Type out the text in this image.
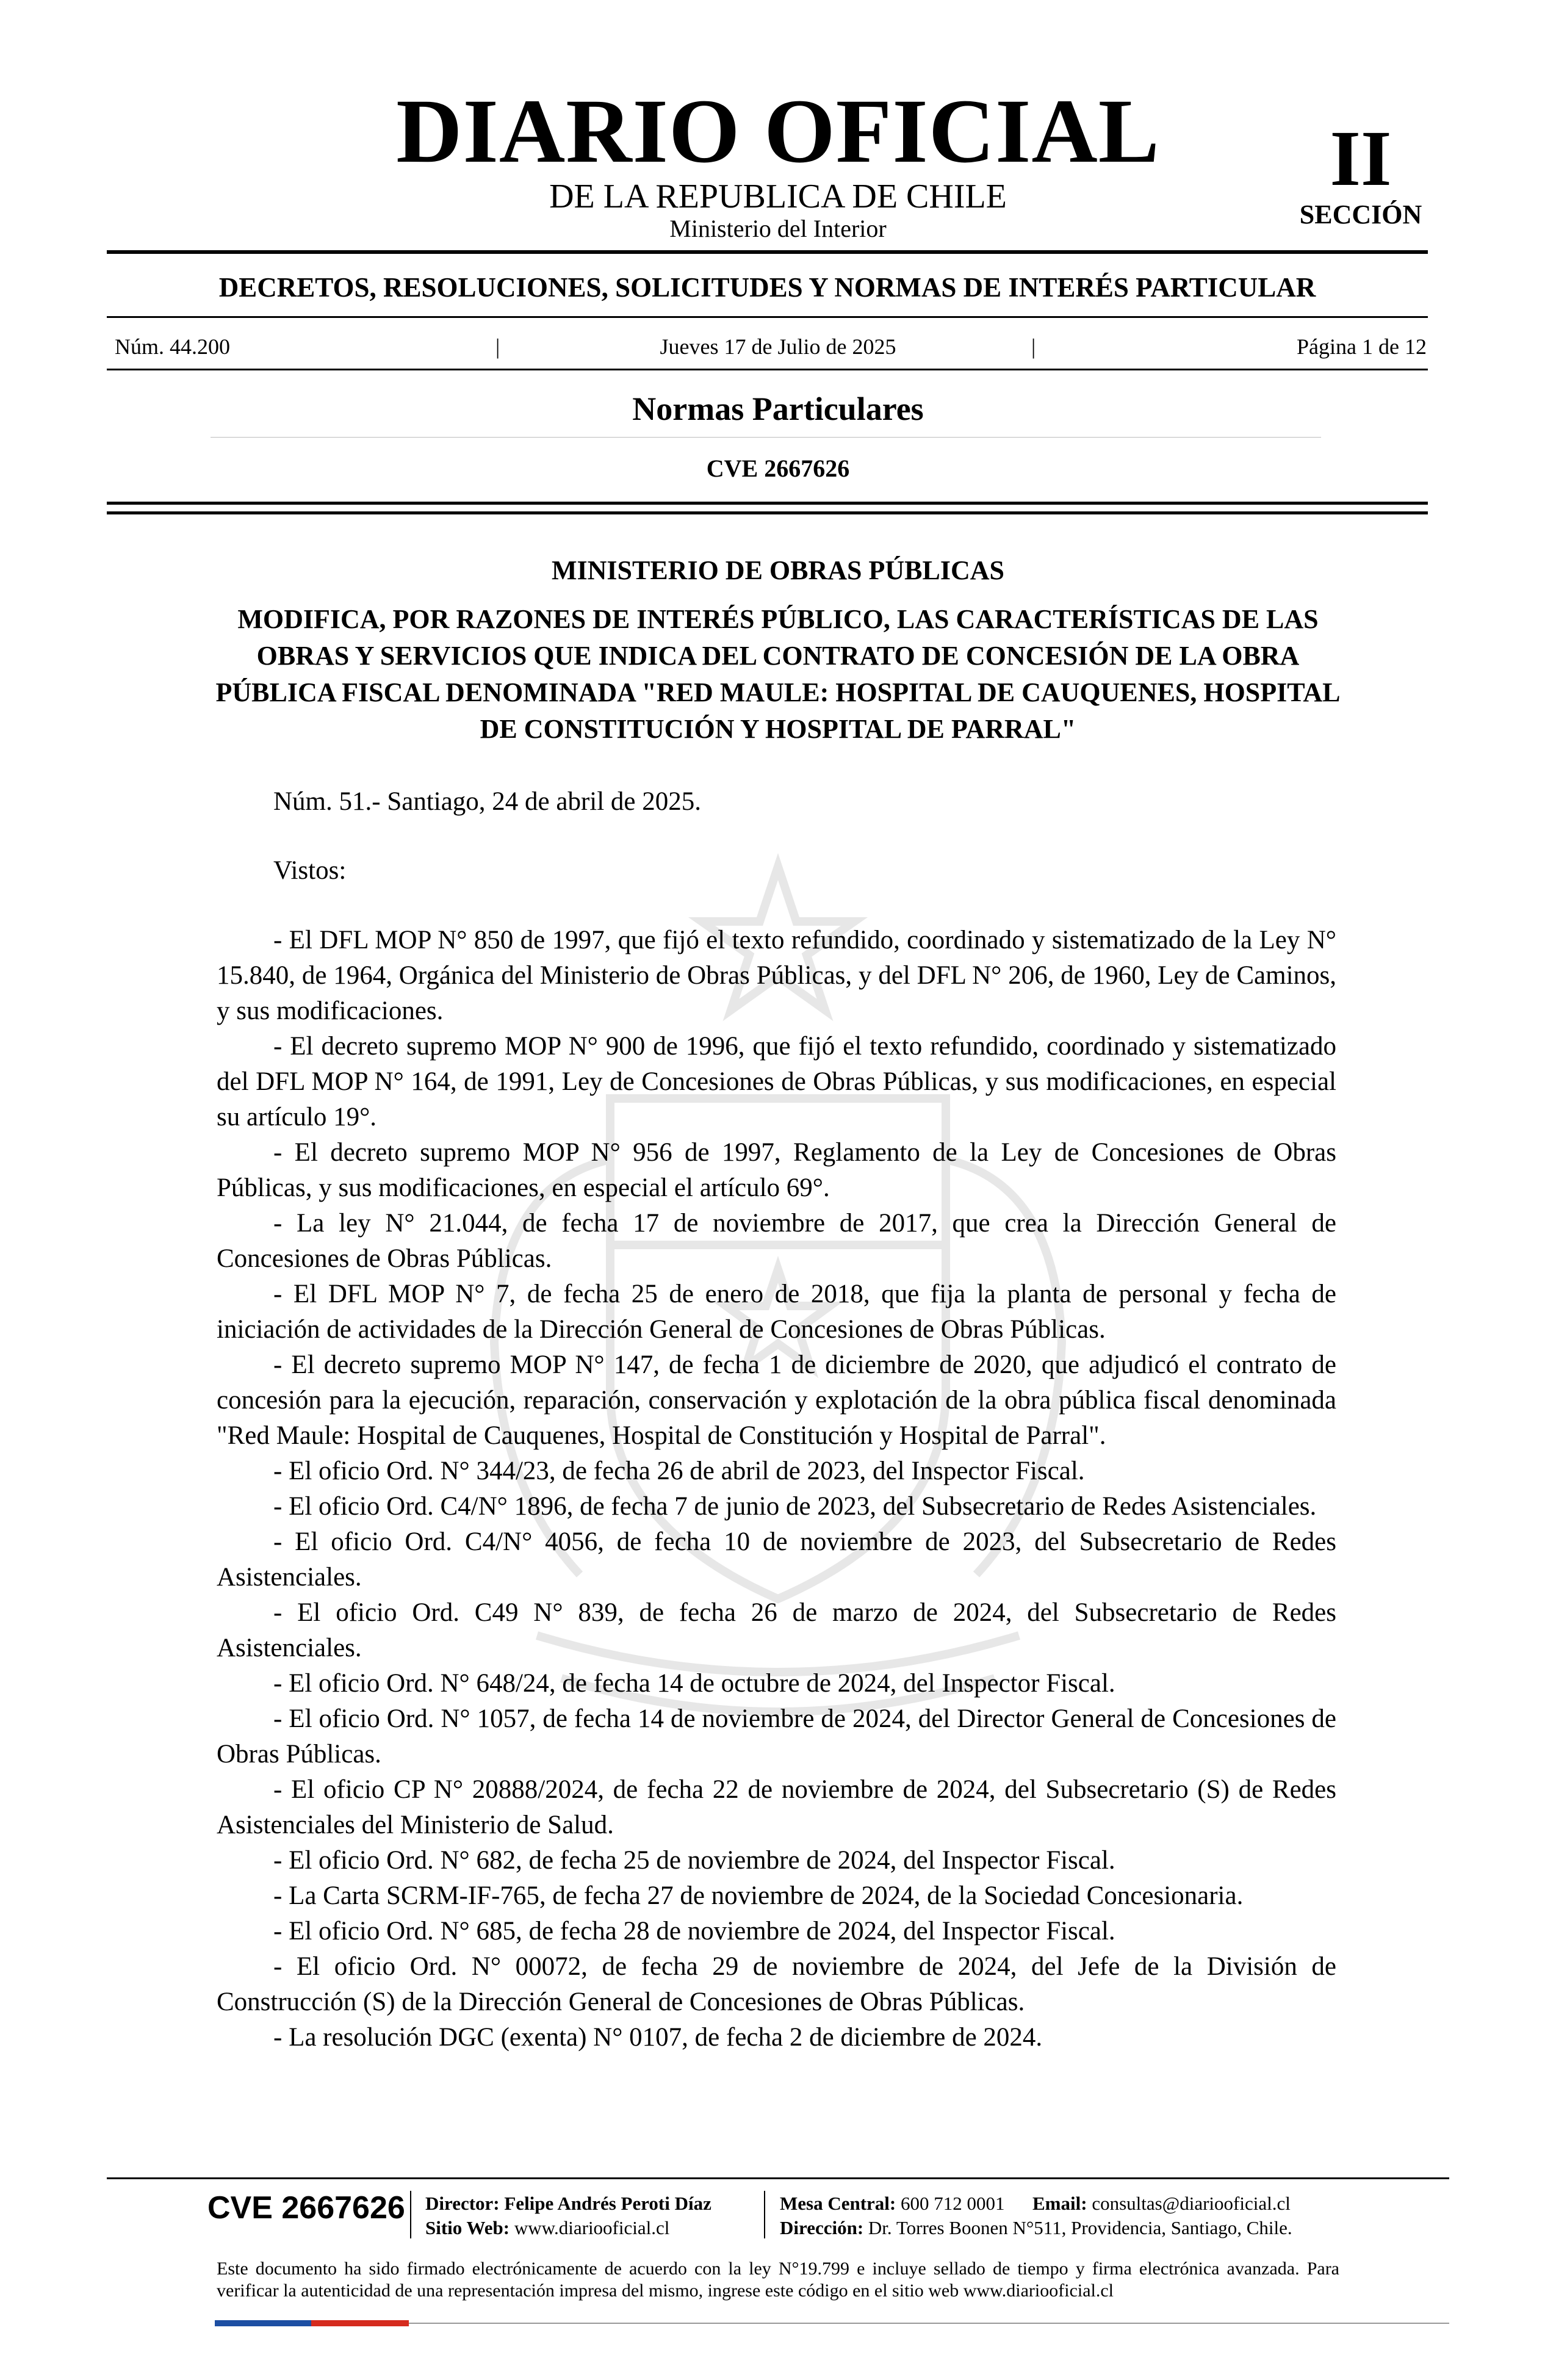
DIARIO OFICIAL
DE LA REPUBLICA DE CHILE
Ministerio del Interior
II
SECCIÓN
DECRETOS, RESOLUCIONES, SOLICITUDES Y NORMAS DE INTERÉS PARTICULAR
Núm. 44.200	|	Jueves 17 de Julio de 2025	|	Página 1 de 12
Normas Particulares
CVE 2667626
MINISTERIO DE OBRAS PÚBLICAS
MODIFICA, POR RAZONES DE INTERÉS PÚBLICO, LAS CARACTERÍSTICAS DE LAS OBRAS Y SERVICIOS QUE INDICA DEL CONTRATO DE CONCESIÓN DE LA OBRA PÚBLICA FISCAL DENOMINADA "RED MAULE: HOSPITAL DE CAUQUENES, HOSPITAL DE CONSTITUCIÓN Y HOSPITAL DE PARRAL"
Núm. 51.- Santiago, 24 de abril de 2025.
Vistos:

- El DFL MOP N° 850 de 1997, que fijó el texto refundido, coordinado y sistematizado de la Ley N° 15.840, de 1964, Orgánica del Ministerio de Obras Públicas, y del DFL N° 206, de 1960, Ley de Caminos, y sus modificaciones.

- El decreto supremo MOP N° 900 de 1996, que fijó el texto refundido, coordinado y sistematizado del DFL MOP N° 164, de 1991, Ley de Concesiones de Obras Públicas, y sus modificaciones, en especial su artículo 19°.

- El decreto supremo MOP N° 956 de 1997, Reglamento de la Ley de Concesiones de Obras Públicas, y sus modificaciones, en especial el artículo 69°.

- La ley N° 21.044, de fecha 17 de noviembre de 2017, que crea la Dirección General de Concesiones de Obras Públicas.

- El DFL MOP N° 7, de fecha 25 de enero de 2018, que fija la planta de personal y fecha de iniciación de actividades de la Dirección General de Concesiones de Obras Públicas.

- El decreto supremo MOP N° 147, de fecha 1 de diciembre de 2020, que adjudicó el contrato de concesión para la ejecución, reparación, conservación y explotación de la obra pública fiscal denominada "Red Maule: Hospital de Cauquenes, Hospital de Constitución y Hospital de Parral".

- El oficio Ord. N° 344/23, de fecha 26 de abril de 2023, del Inspector Fiscal.

- El oficio Ord. C4/N° 1896, de fecha 7 de junio de 2023, del Subsecretario de Redes Asistenciales.

- El oficio Ord. C4/N° 4056, de fecha 10 de noviembre de 2023, del Subsecretario de Redes Asistenciales.

- El oficio Ord. C49 N° 839, de fecha 26 de marzo de 2024, del Subsecretario de Redes Asistenciales.

- El oficio Ord. N° 648/24, de fecha 14 de octubre de 2024, del Inspector Fiscal.

- El oficio Ord. N° 1057, de fecha 14 de noviembre de 2024, del Director General de Concesiones de Obras Públicas.

- El oficio CP N° 20888/2024, de fecha 22 de noviembre de 2024, del Subsecretario (S) de Redes Asistenciales del Ministerio de Salud.

- El oficio Ord. N° 682, de fecha 25 de noviembre de 2024, del Inspector Fiscal.

- La Carta SCRM-IF-765, de fecha 27 de noviembre de 2024, de la Sociedad Concesionaria.

- El oficio Ord. N° 685, de fecha 28 de noviembre de 2024, del Inspector Fiscal.

- El oficio Ord. N° 00072, de fecha 29 de noviembre de 2024, del Jefe de la División de Construcción (S) de la Dirección General de Concesiones de Obras Públicas.

- La resolución DGC (exenta) N° 0107, de fecha 2 de diciembre de 2024.

CVE 2667626 Director: Felipe Andrés Peroti Díaz
Sitio Web: www.diariooficial.cl
Mesa Central: 600 712 0001 Email: consultas@diariooficial.cl
Dirección: Dr. Torres Boonen N°511, Providencia, Santiago, Chile.
Este documento ha sido firmado electrónicamente de acuerdo con la ley N°19.799 e incluye sellado de tiempo y firma electrónica avanzada. Para verificar la autenticidad de una representación impresa del mismo, ingrese este código en el sitio web www.diariooficial.cl
